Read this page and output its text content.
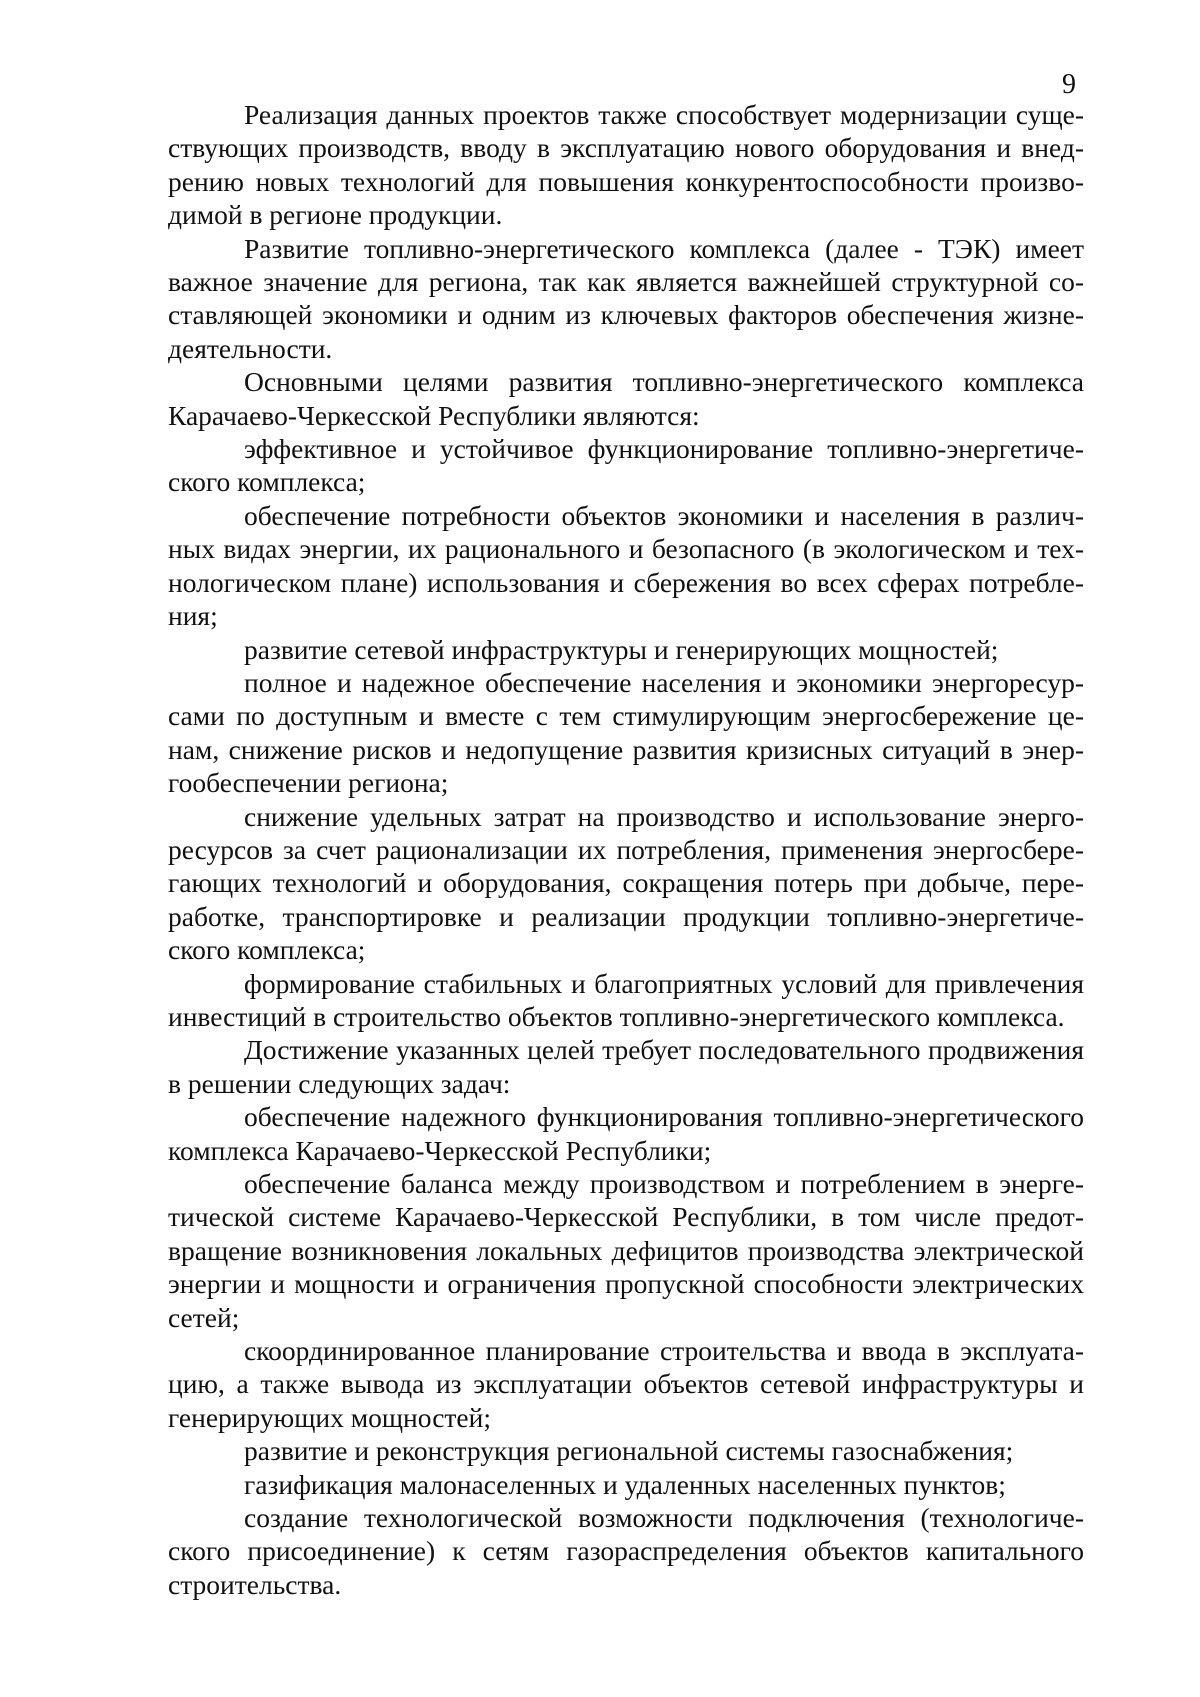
9

Реализация данных проектов также способствует модернизации существующих производств, вводу в эксплуатацию нового оборудования и внедрению новых технологий для повышения конкурентоспособности производимой в регионе продукции.

Развитие топливно-энергетического комплекса (далее - ТЭК) имеет важное значение для региона, так как является важнейшей структурной составляющей экономики и одним из ключевых факторов обеспечения жизнедеятельности.

Основными целями развития топливно-энергетического комплекса Карачаево-Черкесской Республики являются:

эффективное и устойчивое функционирование топливно-энергетического комплекса;

обеспечение потребности объектов экономики и населения в различных видах энергии, их рационального и безопасного (в экологическом и технологическом плане) использования и сбережения во всех сферах потребления;

развитие сетевой инфраструктуры и генерирующих мощностей;

полное и надежное обеспечение населения и экономики энергоресурсами по доступным и вместе с тем стимулирующим энергосбережение ценам, снижение рисков и недопущение развития кризисных ситуаций в энергообеспечении региона;

снижение удельных затрат на производство и использование энергоресурсов за счет рационализации их потребления, применения энергосберегающих технологий и оборудования, сокращения потерь при добыче, переработке, транспортировке и реализации продукции топливно-энергетического комплекса;

формирование стабильных и благоприятных условий для привлечения инвестиций в строительство объектов топливно-энергетического комплекса.

Достижение указанных целей требует последовательного продвижения в решении следующих задач:

обеспечение надежного функционирования топливно-энергетического комплекса Карачаево-Черкесской Республики;

обеспечение баланса между производством и потреблением в энергетической системе Карачаево-Черкесской Республики, в том числе предотвращение возникновения локальных дефицитов производства электрической энергии и мощности и ограничения пропускной способности электрических сетей;

скоординированное планирование строительства и ввода в эксплуатацию, а также вывода из эксплуатации объектов сетевой инфраструктуры и генерирующих мощностей;

развитие и реконструкция региональной системы газоснабжения;

газификация малонаселенных и удаленных населенных пунктов;

создание технологической возможности подключения (технологического присоединение) к сетям газораспределения объектов капитального строительства.
